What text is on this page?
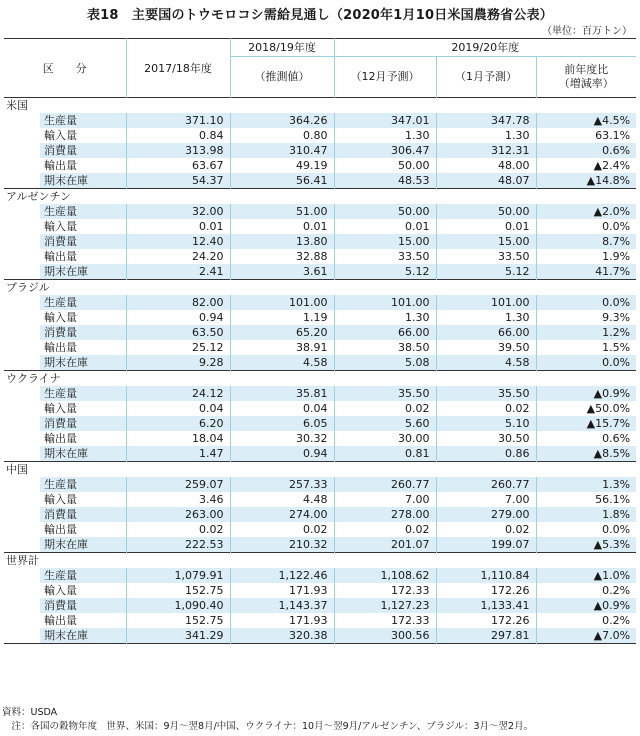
表18　主要国のトウモロコシ需給見通し（2020年1月10日米国農務省公表）
（単位：百万トン）
区　　分		2017/18年度	2018/19年度	2019/20年度		
			（推測値）	（12月予測）	（1月予測）	前年度比
（増減率）
米国						
	生産量	371.10	364.26	347.01	347.78	▲4.5%
	輸入量	0.84	0.80	1.30	1.30	63.1%
	消費量	313.98	310.47	306.47	312.31	0.6%
	輸出量	63.67	49.19	50.00	48.00	▲2.4%
	期末在庫	54.37	56.41	48.53	48.07	▲14.8%
アルゼンチン						
	生産量	32.00	51.00	50.00	50.00	▲2.0%
	輸入量	0.01	0.01	0.01	0.01	0.0%
	消費量	12.40	13.80	15.00	15.00	8.7%
	輸出量	24.20	32.88	33.50	33.50	1.9%
	期末在庫	2.41	3.61	5.12	5.12	41.7%
ブラジル						
	生産量	82.00	101.00	101.00	101.00	0.0%
	輸入量	0.94	1.19	1.30	1.30	9.3%
	消費量	63.50	65.20	66.00	66.00	1.2%
	輸出量	25.12	38.91	38.50	39.50	1.5%
	期末在庫	9.28	4.58	5.08	4.58	0.0%
ウクライナ						
	生産量	24.12	35.81	35.50	35.50	▲0.9%
	輸入量	0.04	0.04	0.02	0.02	▲50.0%
	消費量	6.20	6.05	5.60	5.10	▲15.7%
	輸出量	18.04	30.32	30.00	30.50	0.6%
	期末在庫	1.47	0.94	0.81	0.86	▲8.5%
中国						
	生産量	259.07	257.33	260.77	260.77	1.3%
	輸入量	3.46	4.48	7.00	7.00	56.1%
	消費量	263.00	274.00	278.00	279.00	1.8%
	輸出量	0.02	0.02	0.02	0.02	0.0%
	期末在庫	222.53	210.32	201.07	199.07	▲5.3%
世界計						
	生産量	1,079.91	1,122.46	1,108.62	1,110.84	▲1.0%
	輸入量	152.75	171.93	172.33	172.26	0.2%
	消費量	1,090.40	1,143.37	1,127.23	1,133.41	▲0.9%
	輸出量	152.75	171.93	172.33	172.26	0.2%
	期末在庫	341.29	320.38	300.56	297.81	▲7.0%
資料：USDA
　注：各国の穀物年度　世界、米国：9月～翌8月/中国、ウクライナ：10月～翌9月/アルゼンチン、ブラジル：3月～翌2月。
